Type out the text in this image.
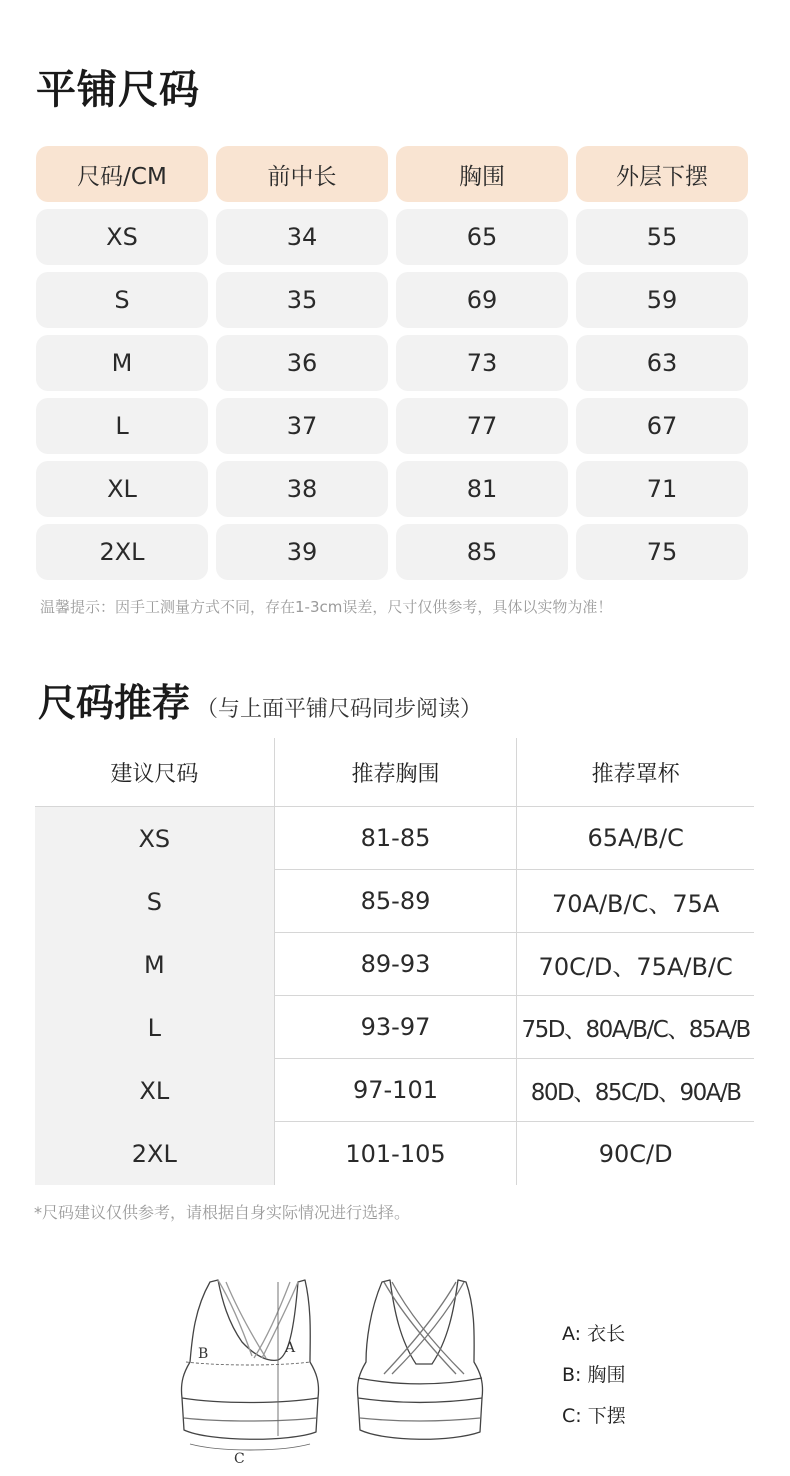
平铺尺码
尺码/CM	前中长	胸围	外层下摆
XS	34	65	55
S	35	69	59
M	36	73	63
L	37	77	67
XL	38	81	71
2XL	39	85	75
温馨提示：因手工测量方式不同，存在1-3cm误差，尺寸仅供参考，具体以实物为准！
尺码推荐 （与上面平铺尺码同步阅读）
建议尺码	推荐胸围	推荐罩杯
XS	81-85	65A/B/C
S	85-89	70A/B/C、75A
M	89-93	70C/D、75A/B/C
L	93-97	75D、80A/B/C、85A/B
XL	97-101	80D、85C/D、90A/B
2XL	101-105	90C/D
*尺码建议仅供参考，请根据自身实际情况进行选择。
B	A
C
A: 衣长
B: 胸围
C: 下摆
